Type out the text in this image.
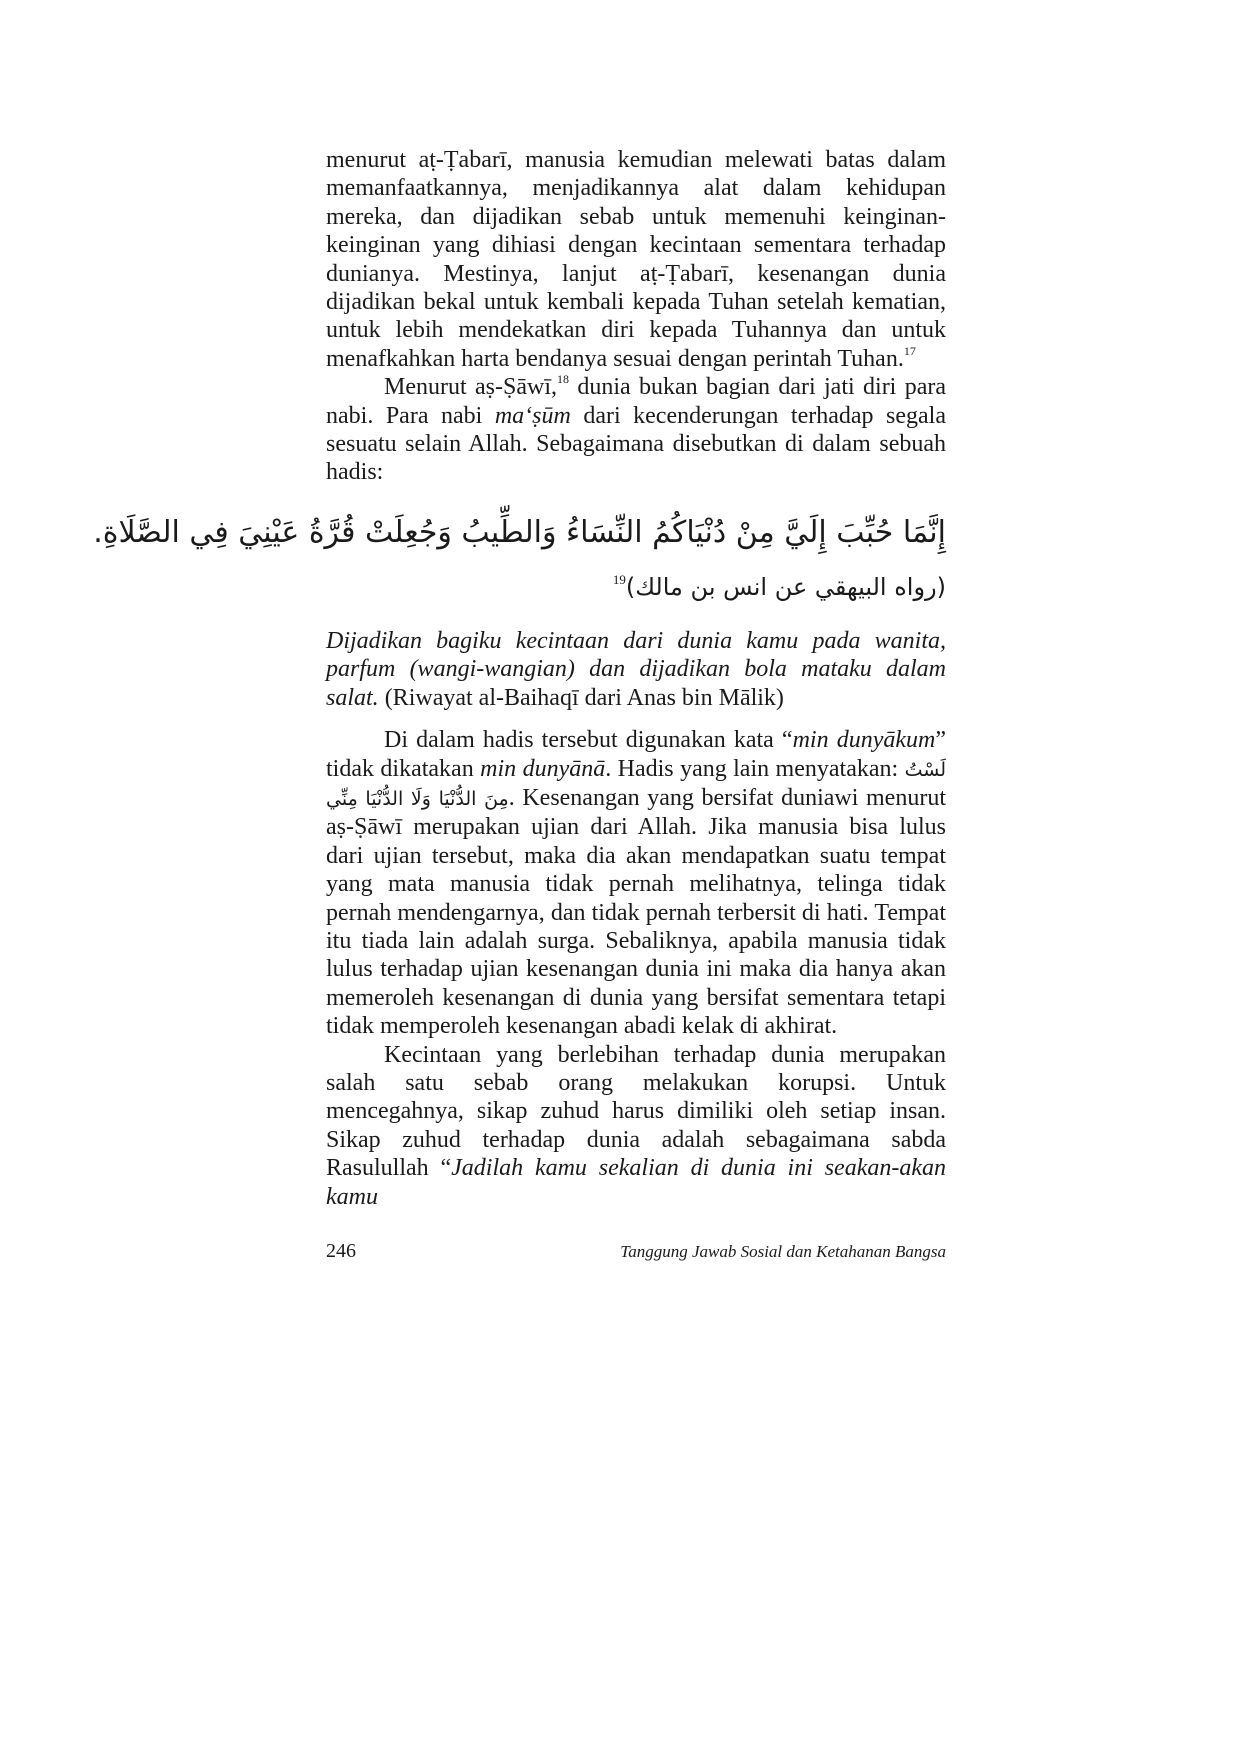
menurut aṭ-Ṭabarī, manusia kemudian melewati batas dalam memanfaatkannya, menjadikannya alat dalam kehidupan mereka, dan dijadikan sebab untuk memenuhi keinginan-keinginan yang dihiasi dengan kecintaan sementara terhadap dunianya. Mestinya, lanjut aṭ-Ṭabarī, kesenangan dunia dijadikan bekal untuk kembali kepada Tuhan setelah kematian, untuk lebih mendekatkan diri kepada Tuhannya dan untuk menafkahkan harta bendanya sesuai dengan perintah Tuhan.$^{17}$

Menurut aṣ-Ṣāwī,$^{18}$ dunia bukan bagian dari jati diri para nabi. Para nabi ma‘ṣūm dari kecenderungan terhadap segala sesuatu selain Allah. Sebagaimana disebutkan di dalam sebuah hadis:

إِنَّمَا حُبِّبَ إِلَيَّ مِنْ دُنْيَاكُمُ النِّسَاءُ وَالطِّيبُ وَجُعِلَتْ قُرَّةُ عَيْنِيَ فِي الصَّلَاةِ.

(رواه البيهقي عن انس بن مالك)$^{19}$

Dijadikan bagiku kecintaan dari dunia kamu pada wanita, parfum (wangi-wangian) dan dijadikan bola mataku dalam salat. (Riwayat al-Baihaqī dari Anas bin Mālik)

Di dalam hadis tersebut digunakan kata “min dunyākum” tidak dikatakan min dunyānā. Hadis yang lain menyatakan: لَسْتُ مِنَ الدُّنْيَا وَلَا الدُّنْيَا مِنِّي. Kesenangan yang bersifat duniawi menurut aṣ-Ṣāwī merupakan ujian dari Allah. Jika manusia bisa lulus dari ujian tersebut, maka dia akan mendapatkan suatu tempat yang mata manusia tidak pernah melihatnya, telinga tidak pernah mendengarnya, dan tidak pernah terbersit di hati. Tempat itu tiada lain adalah surga. Sebaliknya, apabila manusia tidak lulus terhadap ujian kesenangan dunia ini maka dia hanya akan memeroleh kesenangan di dunia yang bersifat sementara tetapi tidak memperoleh kesenangan abadi kelak di akhirat.

Kecintaan yang berlebihan terhadap dunia merupakan salah satu sebab orang melakukan korupsi. Untuk mencegahnya, sikap zuhud harus dimiliki oleh setiap insan. Sikap zuhud terhadap dunia adalah sebagaimana sabda Rasulullah “Jadilah kamu sekalian di dunia ini seakan-akan kamu

246	Tanggung Jawab Sosial dan Ketahanan Bangsa
